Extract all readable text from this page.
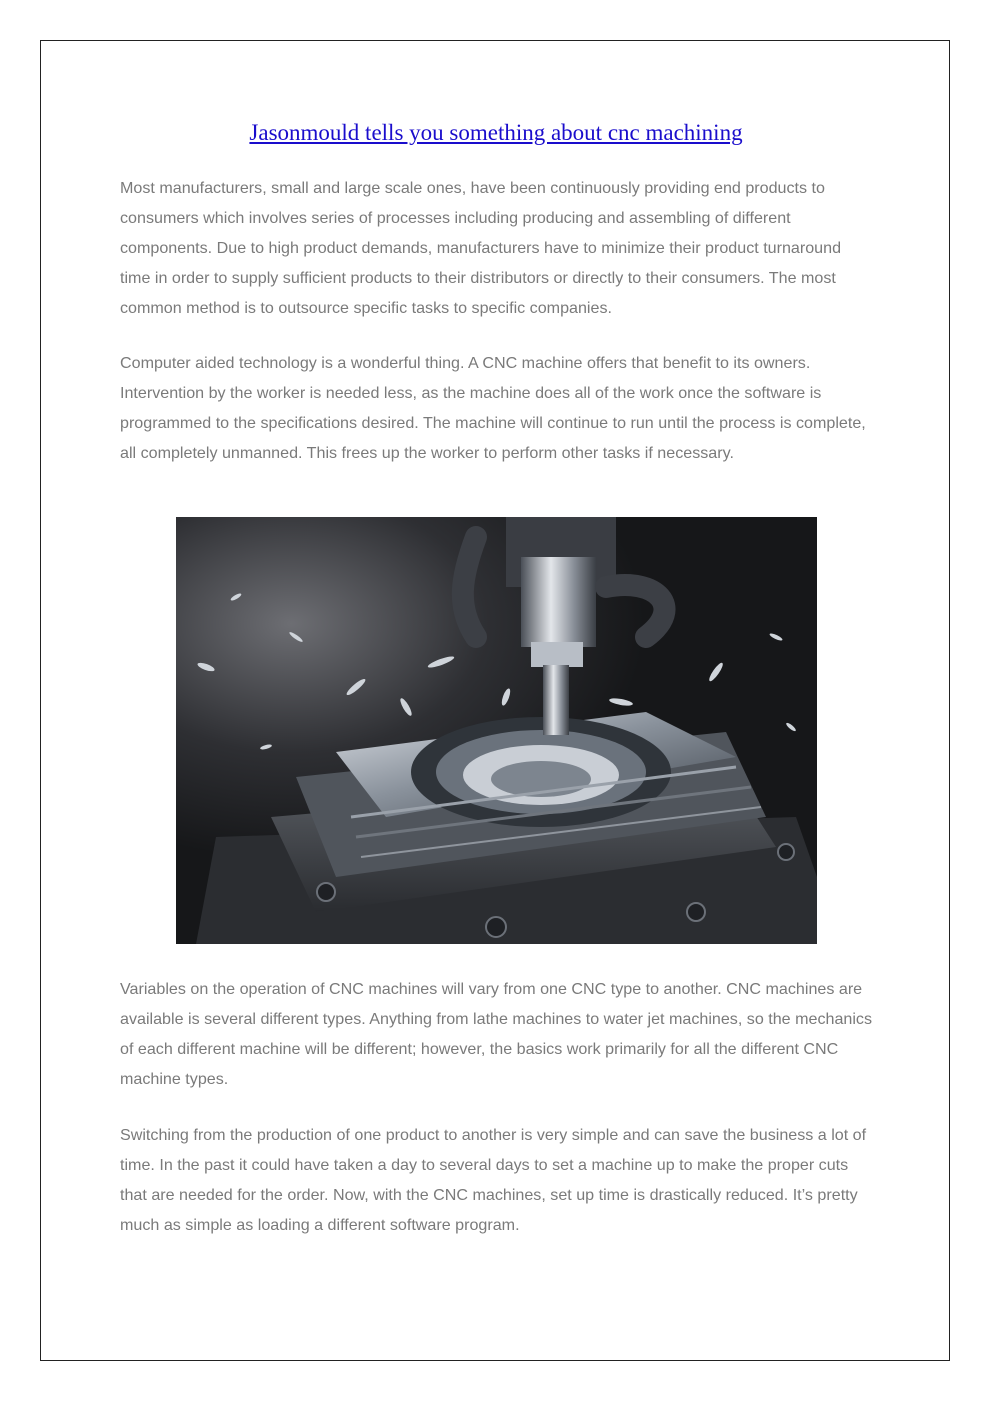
Jasonmould tells you something about cnc machining

Most manufacturers, small and large scale ones, have been continuously providing end products to consumers which involves series of processes including producing and assembling of different components. Due to high product demands, manufacturers have to minimize their product turnaround time in order to supply sufficient products to their distributors or directly to their consumers. The most common method is to outsource specific tasks to specific companies.

Computer aided technology is a wonderful thing. A CNC machine offers that benefit to its owners. Intervention by the worker is needed less, as the machine does all of the work once the software is programmed to the specifications desired. The machine will continue to run until the process is complete, all completely unmanned. This frees up the worker to perform other tasks if necessary.

Variables on the operation of CNC machines will vary from one CNC type to another. CNC machines are available is several different types. Anything from lathe machines to water jet machines, so the mechanics of each different machine will be different; however, the basics work primarily for all the different CNC machine types.

Switching from the production of one product to another is very simple and can save the business a lot of time. In the past it could have taken a day to several days to set a machine up to make the proper cuts that are needed for the order. Now, with the CNC machines, set up time is drastically reduced. It’s pretty much as simple as loading a different software program.
